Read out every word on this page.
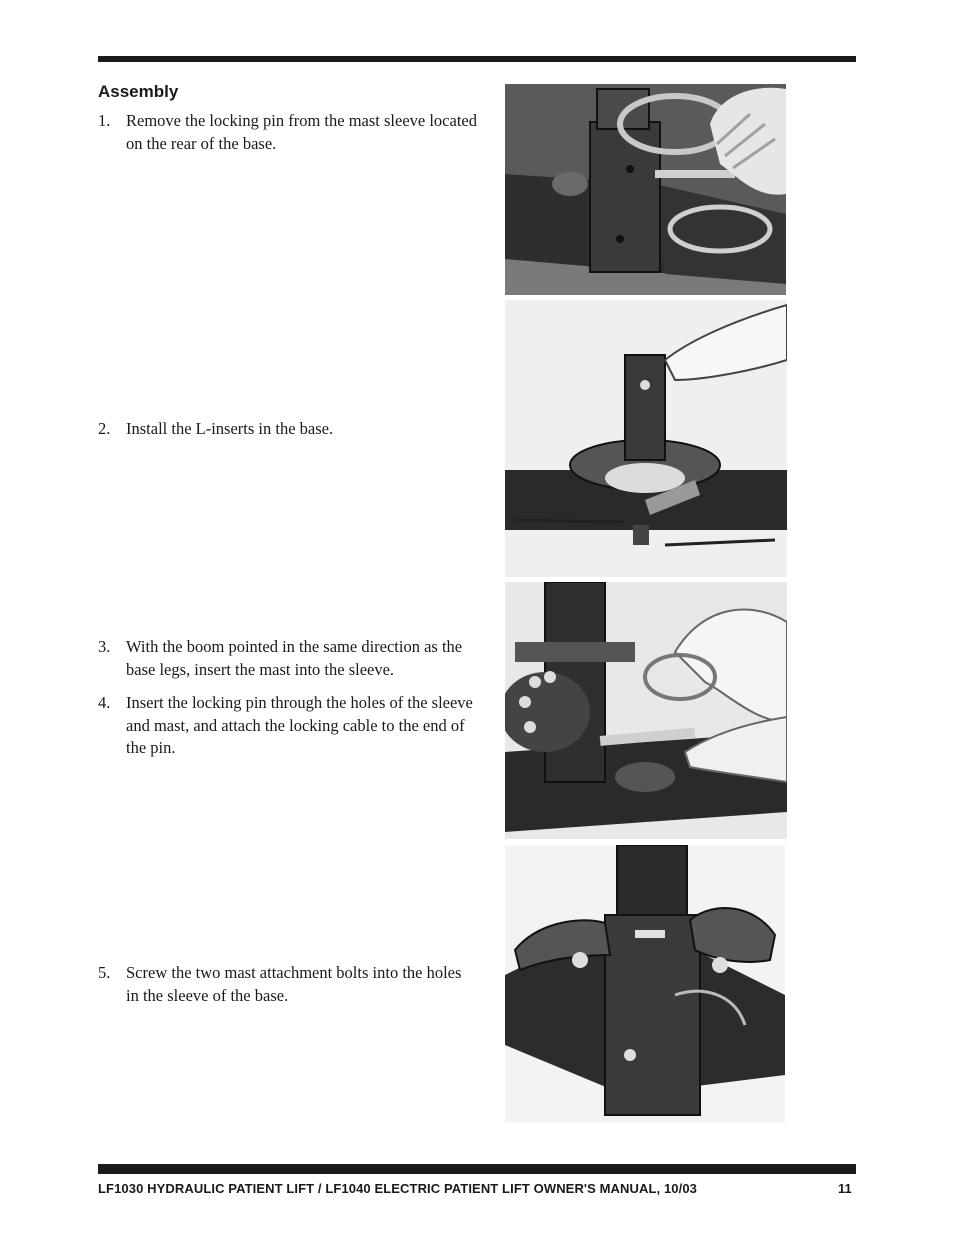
Assembly
1. Remove the locking pin from the mast sleeve located on the rear of the base.
2. Install the L-inserts in the base.
3. With the boom pointed in the same direction as the base legs, insert the mast into the sleeve.
4. Insert the locking pin through the holes of the sleeve and mast, and attach the locking cable to the end of the pin.
5. Screw the two mast attachment bolts into the holes in the sleeve of the base.
LF1030 HYDRAULIC PATIENT LIFT / LF1040 ELECTRIC PATIENT LIFT OWNER'S MANUAL, 10/03	11
